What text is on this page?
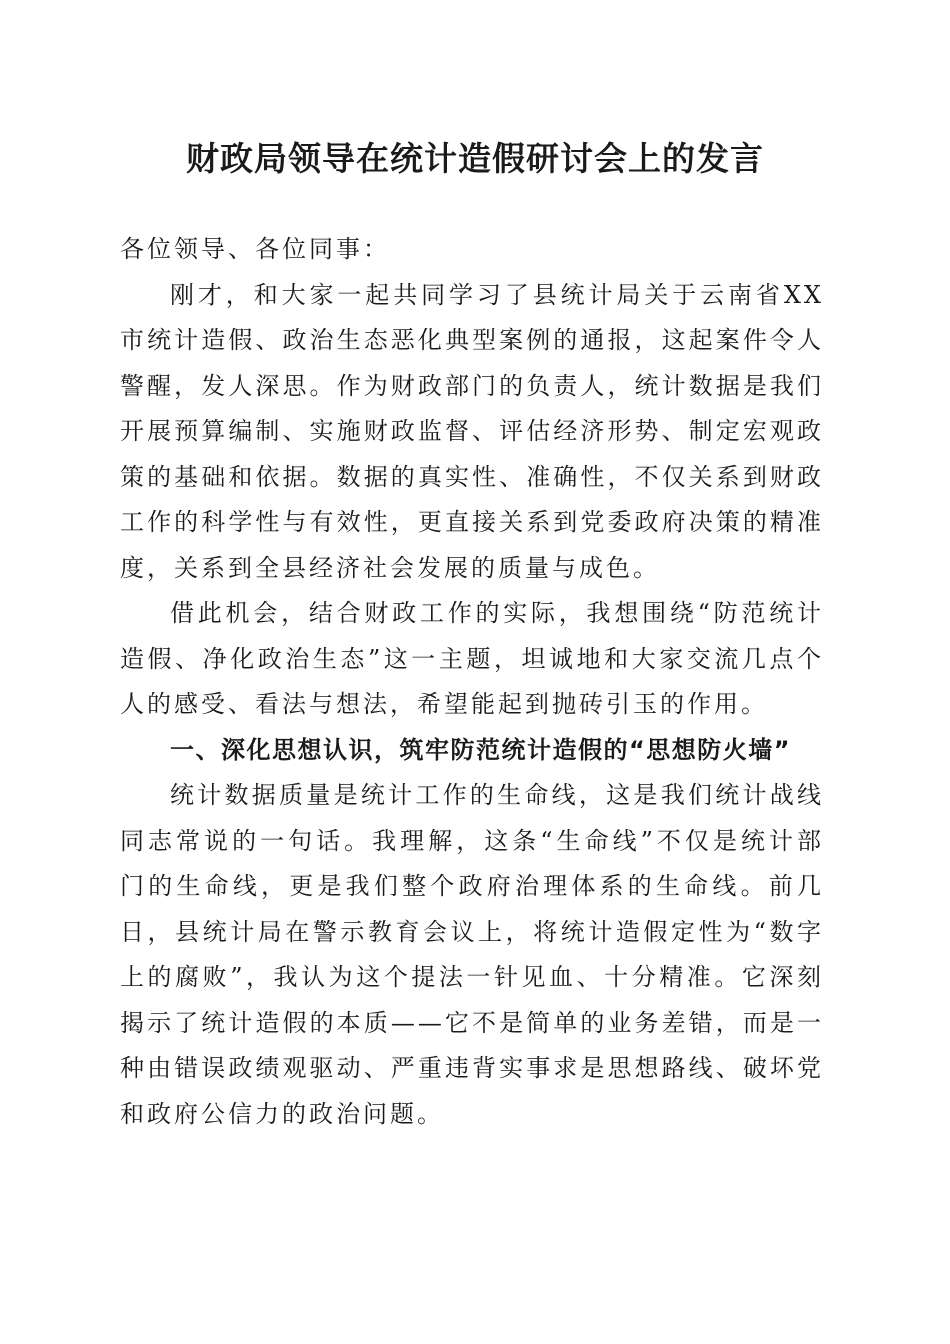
财政局领导在统计造假研讨会上的发言

各位领导、各位同事：

刚才，和大家一起共同学习了县统计局关于云南省XX市统计造假、政治生态恶化典型案例的通报，这起案件令人警醒，发人深思。作为财政部门的负责人，统计数据是我们开展预算编制、实施财政监督、评估经济形势、制定宏观政策的基础和依据。数据的真实性、准确性，不仅关系到财政工作的科学性与有效性，更直接关系到党委政府决策的精准度，关系到全县经济社会发展的质量与成色。

借此机会，结合财政工作的实际，我想围绕“防范统计造假、净化政治生态”这一主题，坦诚地和大家交流几点个人的感受、看法与想法，希望能起到抛砖引玉的作用。

一、深化思想认识，筑牢防范统计造假的“思想防火墙”

统计数据质量是统计工作的生命线，这是我们统计战线同志常说的一句话。我理解，这条“生命线”不仅是统计部门的生命线，更是我们整个政府治理体系的生命线。前几日，县统计局在警示教育会议上，将统计造假定性为“数字上的腐败”，我认为这个提法一针见血、十分精准。它深刻揭示了统计造假的本质——它不是简单的业务差错，而是一种由错误政绩观驱动、严重违背实事求是思想路线、破坏党和政府公信力的政治问题。
